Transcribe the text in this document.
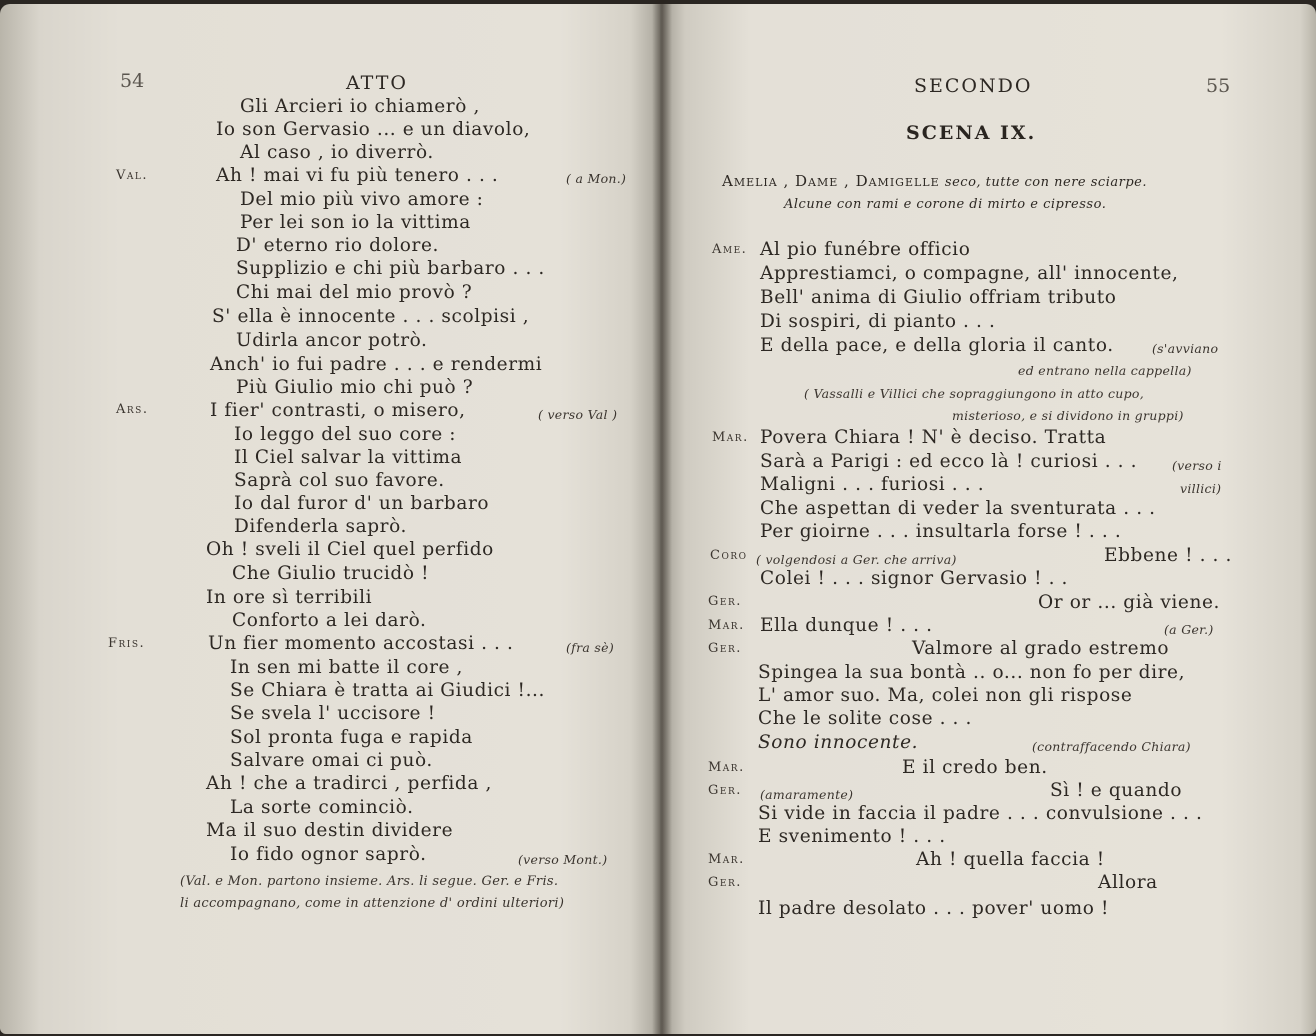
54	ATTO
Gli Arcieri io chiamerò ,
Io son Gervasio ... e un diavolo,
Al caso , io diverrò.
Val.	Ah ! mai vi fu più tenero . . .	( a Mon.)
Del mio più vivo amore :
Per lei son io la vittima
D' eterno rio dolore.
Supplizio e chi più barbaro . . .
Chi mai del mio provò ?
S' ella è innocente . . . scolpisi ,
Udirla ancor potrò.
Anch' io fui padre . . . e rendermi
Più Giulio mio chi può ?
Ars.	I fier' contrasti, o misero,	( verso Val )
Io leggo del suo core :
Il Ciel salvar la vittima
Saprà col suo favore.
Io dal furor d' un barbaro
Difenderla saprò.
Oh ! sveli il Ciel quel perfido
Che Giulio trucidò !
In ore sì terribili
Conforto a lei darò.
Fris.	Un fier momento accostasi . . .	(fra sè)
In sen mi batte il core ,
Se Chiara è tratta ai Giudici !...
Se svela l' uccisore !
Sol pronta fuga e rapida
Salvare omai ci può.
Ah ! che a tradirci , perfida ,
La sorte cominciò.
Ma il suo destin dividere
Io fido ognor saprò.	(verso Mont.)
(Val. e Mon. partono insieme. Ars. li segue. Ger. e Fris.
li accompagnano, come in attenzione d' ordini ulteriori)
SECONDO	55
SCENA IX.
Amelia , Dame , Damigelle seco, tutte con nere sciarpe.
Alcune con rami e corone di mirto e cipresso.
Ame. Al pio funébre officio
Apprestiamci, o compagne, all' innocente,
Bell' anima di Giulio offriam tributo
Di sospiri, di pianto . . .
E della pace, e della gloria il canto.	(s'avviano
ed entrano nella cappella)
( Vassalli e Villici che sopraggiungono in atto cupo,
misterioso, e si dividono in gruppi)
Mar. Povera Chiara ! N' è deciso. Tratta
Sarà a Parigi : ed ecco là ! curiosi . . .	(verso i
Maligni . . . furiosi . . .	villici)
Che aspettan di veder la sventurata . . .
Per gioirne . . . insultarla forse ! . . .
Coro ( volgendosi a Ger. che arriva)	Ebbene ! . . .
Colei ! . . . signor Gervasio ! . .
Ger.	Or or ... già viene.
Mar. Ella dunque ! . . .	(a Ger.)
Ger.	Valmore al grado estremo
Spingea la sua bontà .. o... non fo per dire,
L' amor suo. Ma, colei non gli rispose
Che le solite cose . . .
Sono innocente.	(contraffacendo Chiara)
Mar.	E il credo ben.
Ger. (amaramente)	Sì ! e quando
Si vide in faccia il padre . . . convulsione . . .
E svenimento ! . . .
Mar.	Ah ! quella faccia !
Ger.	Allora
Il padre desolato . . . pover' uomo !
